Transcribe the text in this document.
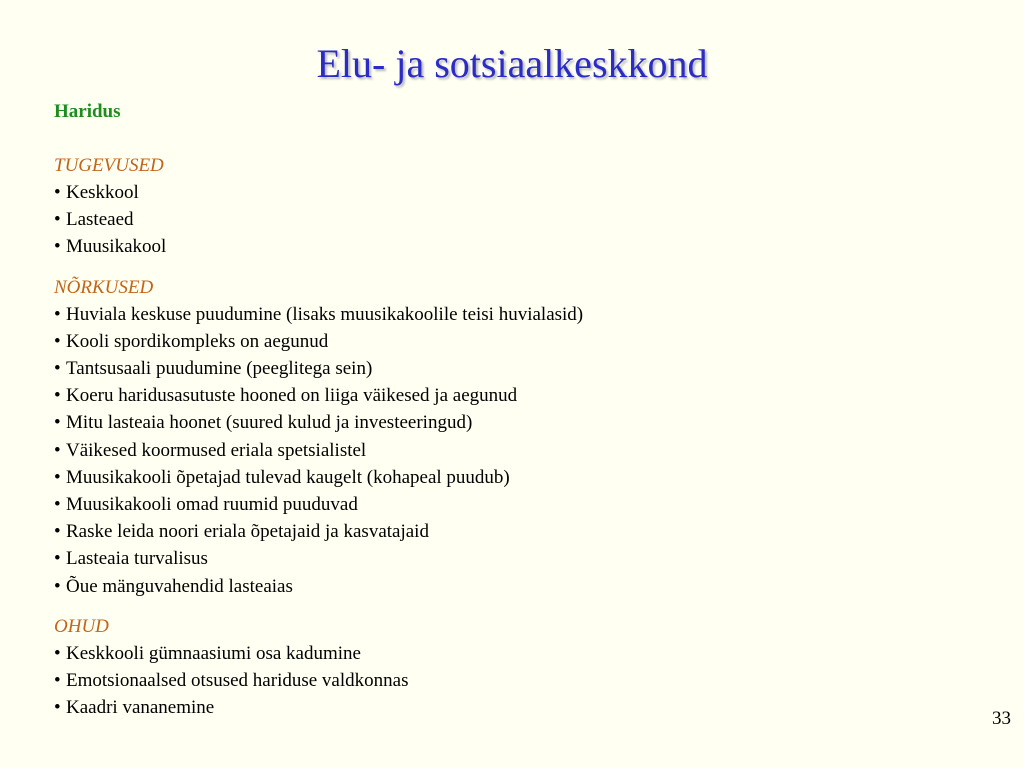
Elu- ja sotsiaalkeskkond

Haridus

TUGEVUSED

• Keskkool
• Lasteaed
• Muusikakool

NÕRKUSED

• Huviala keskuse puudumine (lisaks muusikakoolile teisi huvialasid)
• Kooli spordikompleks on aegunud
• Tantsusaali puudumine (peeglitega sein)
• Koeru haridusasutuste hooned on liiga väikesed ja aegunud
• Mitu lasteaia hoonet (suured kulud ja investeeringud)
• Väikesed koormused eriala spetsialistel
• Muusikakooli õpetajad tulevad kaugelt (kohapeal puudub)
• Muusikakooli omad ruumid puuduvad
• Raske leida noori eriala õpetajaid ja kasvatajaid
• Lasteaia turvalisus
• Õue mänguvahendid lasteaias

OHUD

• Keskkooli gümnaasiumi osa kadumine
• Emotsionaalsed otsused hariduse valdkonnas
• Kaadri vananemine
33
